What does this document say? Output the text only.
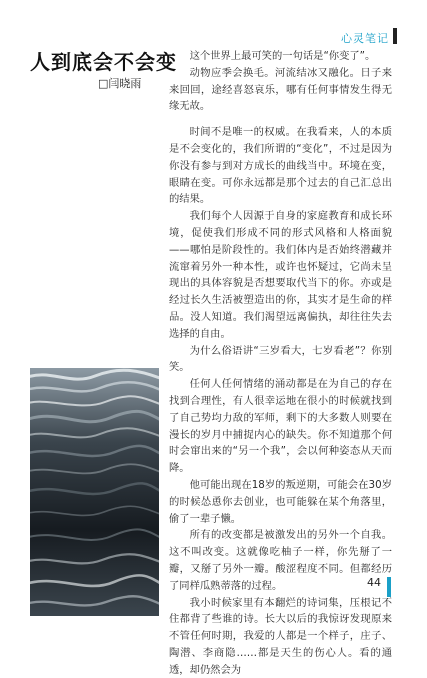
心灵笔记
人到底会不会变
□闫晓雨

这个世界上最可笑的一句话是“你变了”。

动物应季会换毛。河流结冰又融化。日子来来回回，途经喜怒哀乐，哪有任何事情发生得无缘无故。

时间不是唯一的权威。在我看来，人的本质是不会变化的，我们所谓的“变化”，不过是因为你没有参与到对方成长的曲线当中。环境在变，眼睛在变。可你永远都是那个过去的自己汇总出的结果。

我们每个人因源于自身的家庭教育和成长环境，促使我们形成不同的形式风格和人格面貌——哪怕是阶段性的。我们体内是否始终潜藏并流窜着另外一种本性，或许也怀疑过，它尚未呈现出的具体容貌是否想要取代当下的你。亦或是经过长久生活被塑造出的你，其实才是生命的样品。没人知道。我们渴望远离偏执，却往往失去选择的自由。

为什么俗语讲“三岁看大，七岁看老”？你别笑。

任何人任何情绪的涌动都是在为自己的存在找到合理性，有人很幸运地在很小的时候就找到了自己势均力敌的军师，剩下的大多数人则要在漫长的岁月中捕捉内心的缺失。你不知道那个何时会窜出来的“另一个我”，会以何种姿态从天而降。

他可能出现在18岁的叛逆期，可能会在30岁的时候怂恿你去创业，也可能躲在某个角落里，偷了一辈子懒。

所有的改变都是被激发出的另外一个自我。这不叫改变。这就像吃柚子一样，你先掰了一瓣，又掰了另外一瓣。酸涩程度不同。但都经历了同样瓜熟蒂落的过程。

我小时候家里有本翻烂的诗词集，压根记不住都背了些谁的诗。长大以后的我惊讶发现原来不管任何时期，我爱的人都是一个样子，庄子、陶潜、李商隐……都是天生的伤心人。看的通透，却仍然会为

44
